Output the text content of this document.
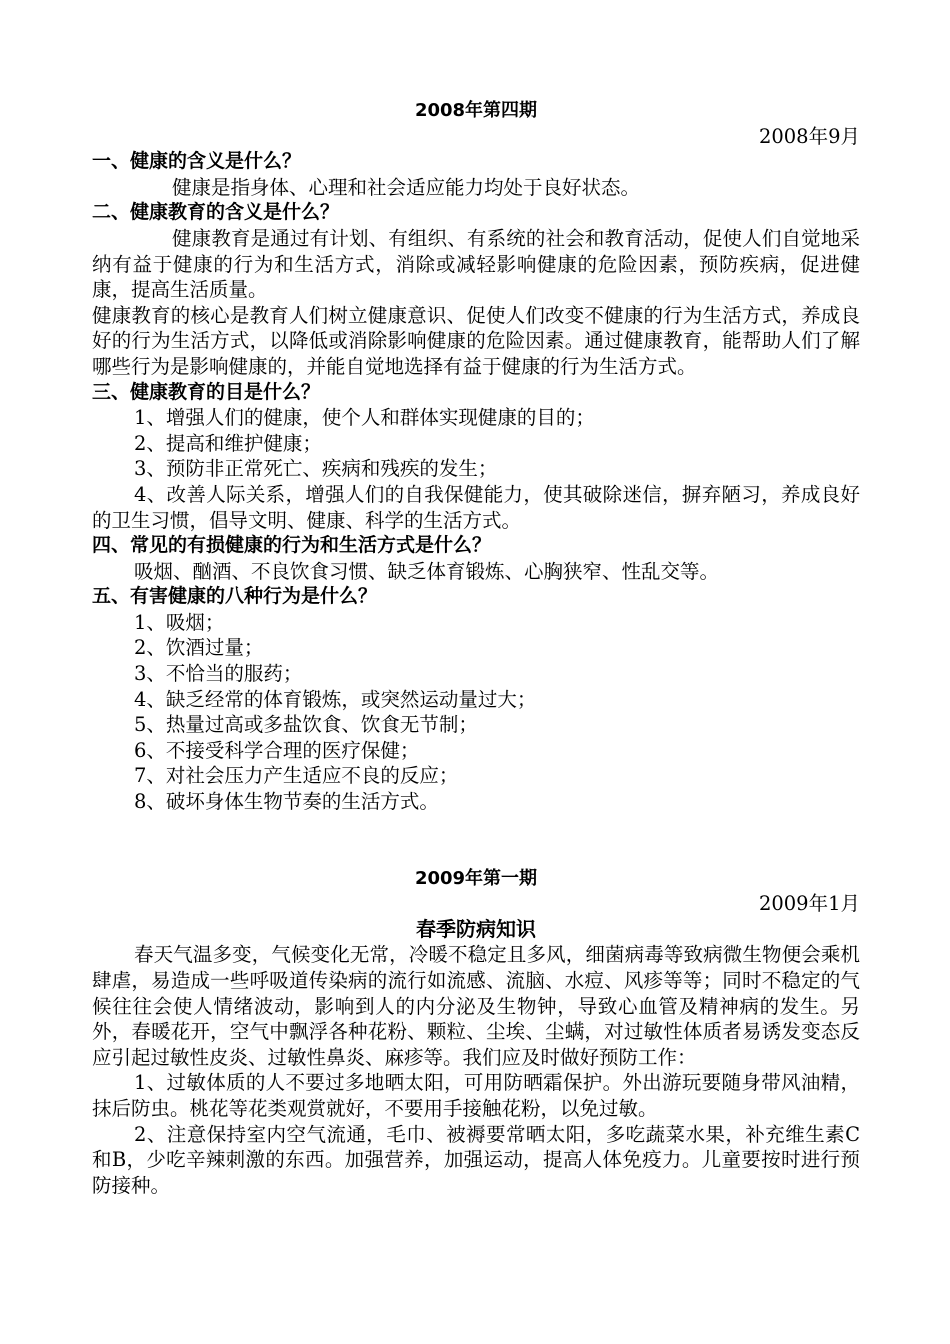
2008年第四期

2008年9月

一、健康的含义是什么？

健康是指身体、心理和社会适应能力均处于良好状态。

二、健康教育的含义是什么？

健康教育是通过有计划、有组织、有系统的社会和教育活动，促使人们自觉地采纳有益于健康的行为和生活方式，消除或减轻影响健康的危险因素，预防疾病，促进健康，提高生活质量。

健康教育的核心是教育人们树立健康意识、促使人们改变不健康的行为生活方式，养成良好的行为生活方式，以降低或消除影响健康的危险因素。通过健康教育，能帮助人们了解哪些行为是影响健康的，并能自觉地选择有益于健康的行为生活方式。

三、健康教育的目是什么？

1、增强人们的健康，使个人和群体实现健康的目的；

2、提高和维护健康；

3、预防非正常死亡、疾病和残疾的发生；

4、改善人际关系，增强人们的自我保健能力，使其破除迷信，摒弃陋习，养成良好的卫生习惯，倡导文明、健康、科学的生活方式。

四、常见的有损健康的行为和生活方式是什么？

吸烟、酗酒、不良饮食习惯、缺乏体育锻炼、心胸狭窄、性乱交等。

五、有害健康的八种行为是什么？

1、吸烟；

2、饮酒过量；

3、不恰当的服药；

4、缺乏经常的体育锻炼，或突然运动量过大；

5、热量过高或多盐饮食、饮食无节制；

6、不接受科学合理的医疗保健；

7、对社会压力产生适应不良的反应；

8、破坏身体生物节奏的生活方式。

2009年第一期

2009年1月

春季防病知识

春天气温多变，气候变化无常，冷暖不稳定且多风，细菌病毒等致病微生物便会乘机肆虐，易造成一些呼吸道传染病的流行如流感、流脑、水痘、风疹等等；同时不稳定的气候往往会使人情绪波动，影响到人的内分泌及生物钟，导致心血管及精神病的发生。另外，春暖花开，空气中飘浮各种花粉、颗粒、尘埃、尘螨，对过敏性体质者易诱发变态反应引起过敏性皮炎、过敏性鼻炎、麻疹等。我们应及时做好预防工作：

1、过敏体质的人不要过多地晒太阳，可用防晒霜保护。外出游玩要随身带风油精，抹后防虫。桃花等花类观赏就好，不要用手接触花粉，以免过敏。

2、注意保持室内空气流通，毛巾、被褥要常晒太阳，多吃蔬菜水果，补充维生素C和B，少吃辛辣刺激的东西。加强营养，加强运动，提高人体免疫力。儿童要按时进行预防接种。
